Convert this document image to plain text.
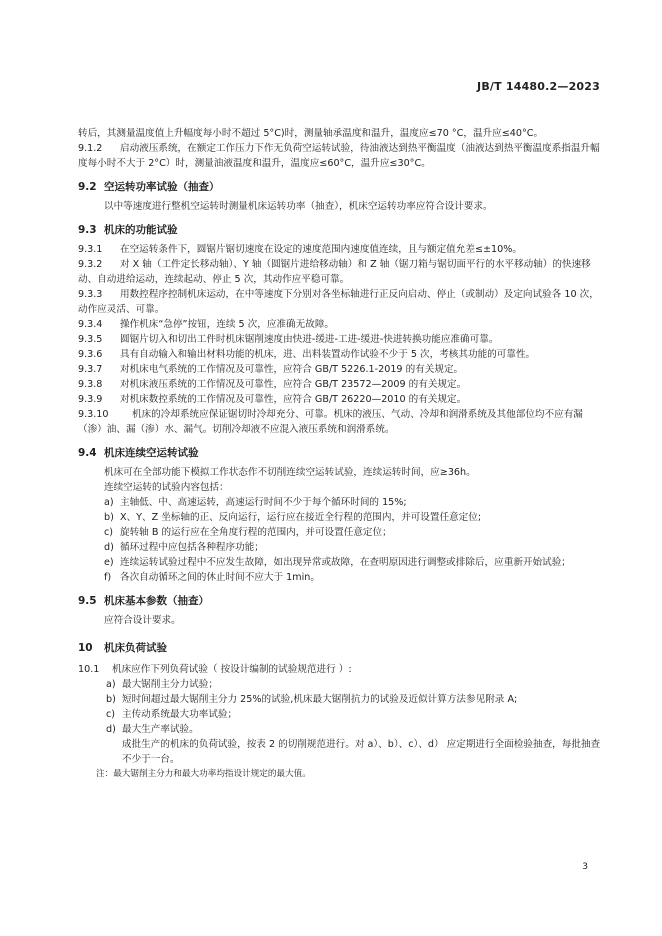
JB/T 14480.2—2023

转后，其测量温度值上升幅度每小时不超过 5°C)时，测量轴承温度和温升，温度应≤70 °C，温升应≤40°C。

9.1.2 启动液压系统，在额定工作压力下作无负荷空运转试验，待油液达到热平衡温度（油液达到热平衡温度系指温升幅度每小时不大于 2°C）时，测量油液温度和温升，温度应≤60°C，温升应≤30°C。

9.2 空运转功率试验（抽查）

以中等速度进行整机空运转时测量机床运转功率（抽查），机床空运转功率应符合设计要求。

9.3 机床的功能试验

9.3.1 在空运转条件下，圆锯片锯切速度在设定的速度范围内速度值连续，且与额定值允差≤±10%。

9.3.2 对 X 轴（工件定长移动轴）、Y 轴（圆锯片进给移动轴）和 Z 轴（锯刀箱与锯切面平行的水平移动轴）的快速移动、自动进给运动，连续起动、停止 5 次，其动作应平稳可靠。

9.3.3 用数控程序控制机床运动，在中等速度下分别对各坐标轴进行正反向启动、停止（或制动）及定向试验各 10 次，动作应灵活、可靠。

9.3.4 操作机床“急停”按钮，连续 5 次，应准确无故障。

9.3.5 圆锯片切入和切出工件时机床锯削速度由快进-缓进-工进-缓进-快进转换功能应准确可靠。

9.3.6 具有自动输入和输出材料功能的机床，进、出料装置动作试验不少于 5 次，考核其功能的可靠性。

9.3.7 对机床电气系统的工作情况及可靠性，应符合 GB/T 5226.1-2019 的有关规定。

9.3.8 对机床液压系统的工作情况及可靠性，应符合 GB/T 23572—2009 的有关规定。

9.3.9 对机床数控系统的工作情况及可靠性，应符合 GB/T 26220—2010 的有关规定。

9.3.10 机床的冷却系统应保证锯切时冷却充分、可靠。机床的液压、气动、冷却和润滑系统及其他部位均不应有漏（渗）油、漏（渗）水、漏气。切削冷却液不应混入液压系统和润滑系统。

9.4 机床连续空运转试验

机床可在全部功能下模拟工作状态作不切削连续空运转试验，连续运转时间，应≥36h。

连续空运转的试验内容包括：

a) 主轴低、中、高速运转，高速运行时间不少于每个循环时间的 15%;
b) X、Y、Z 坐标轴的正、反向运行，运行应在接近全行程的范围内，并可设置任意定位;
c) 旋转轴 B 的运行应在全角度行程的范围内，并可设置任意定位；
d) 循环过程中应包括各种程序功能；
e) 连续运转试验过程中不应发生故障，如出现异常或故障，在查明原因进行调整或排除后，应重新开始试验；
f) 各次自动循环之间的休止时间不应大于 1min。

9.5 机床基本参数（抽查）

应符合设计要求。

10 机床负荷试验

10.1 机床应作下列负荷试验（ 按设计编制的试验规范进行 ）:

a) 最大锯削主分力试验；
b) 短时间超过最大锯削主分力 25%的试验,机床最大锯削抗力的试验及近似计算方法参见附录 A;
c) 主传动系统最大功率试验；
d) 最大生产率试验。

成批生产的机床的负荷试验，按表 2 的切削规范进行。对 a）、b）、c）、d） 应定期进行全面检验抽查，每批抽查不少于一台。

注：最大锯削主分力和最大功率均指设计规定的最大值。

3
